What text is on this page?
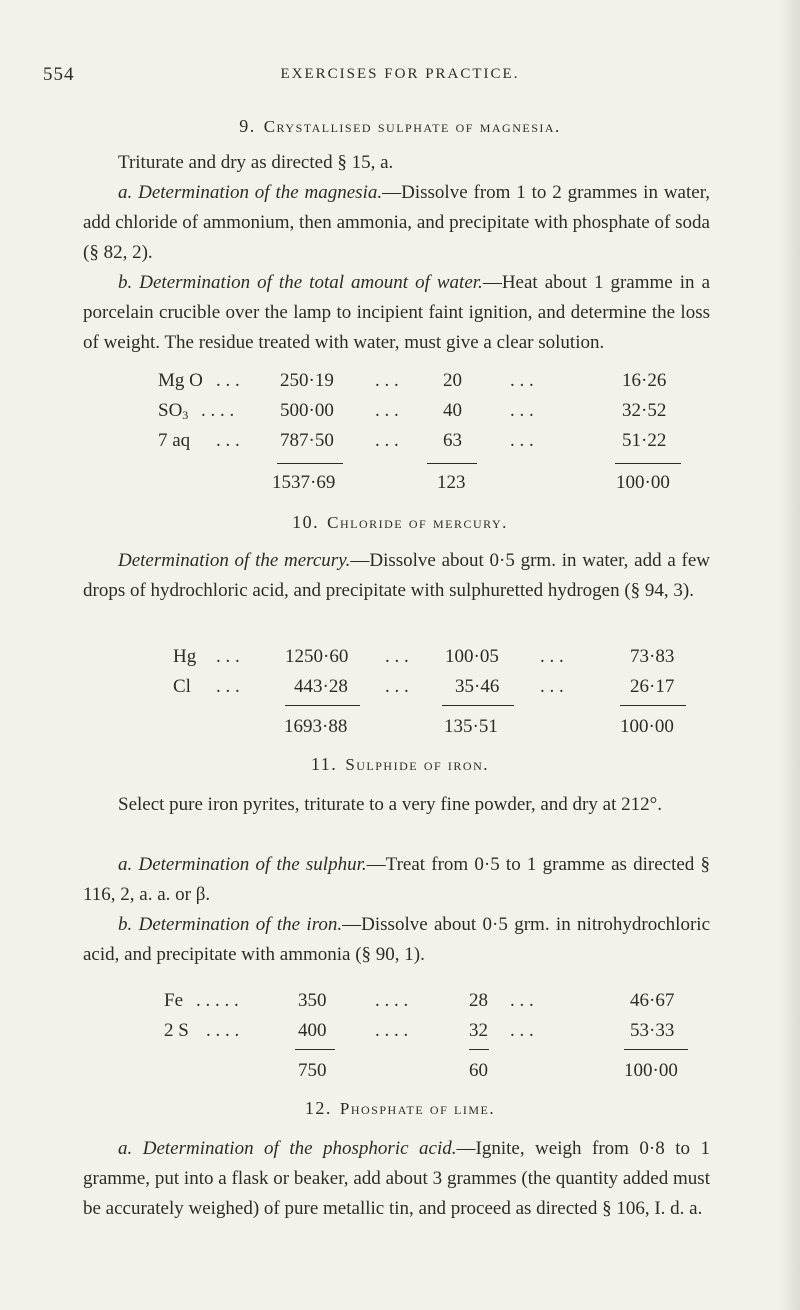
554	EXERCISES FOR PRACTICE.
9. Crystallised sulphate of magnesia.
Triturate and dry as directed § 15, a.
a. Determination of the magnesia.—Dissolve from 1 to 2 grammes in water, add chloride of ammonium, then ammonia, and precipitate with phosphate of soda (§ 82, 2).
b. Determination of the total amount of water.—Heat about 1 gramme in a porcelain crucible over the lamp to incipient faint ignition, and determine the loss of weight. The residue treated with water, must give a clear solution.
Mg O . . . 250·19 . . . 20	. . .	16·26
$SO_3$ . . . . 500·00 . . . 40	. . .	32·52
7 aq . . . 787·50 . . . 63	. . .	51·22
1537·69	123	100·00
10. Chloride of mercury.
Determination of the mercury.—Dissolve about 0·5 grm. in water, add a few drops of hydrochloric acid, and precipitate with sulphuretted hydrogen (§ 94, 3).
Hg . . . 1250·60 . . . 100·05 . . .	73·83
Cl . . .	443·28 . . . 35·46 . . .	26·17
1693·88	135·51	100·00
11. Sulphide of iron.
Select pure iron pyrites, triturate to a very fine powder, and dry at 212°.
a. Determination of the sulphur.—Treat from 0·5 to 1 gramme as directed § 116, 2, a. a. or β.
b. Determination of the iron.—Dissolve about 0·5 grm. in nitrohydrochloric acid, and precipitate with ammonia (§ 90, 1).
Fe . . . . .	350	. . . .	28 . . .	46·67
2 S . . . .	400	. . . .	32 . . .	53·33
750	60	100·00
12. Phosphate of lime.
a. Determination of the phosphoric acid.—Ignite, weigh from 0·8 to 1 gramme, put into a flask or beaker, add about 3 grammes (the quantity added must be accurately weighed) of pure metallic tin, and proceed as directed § 106, I. d. a.
